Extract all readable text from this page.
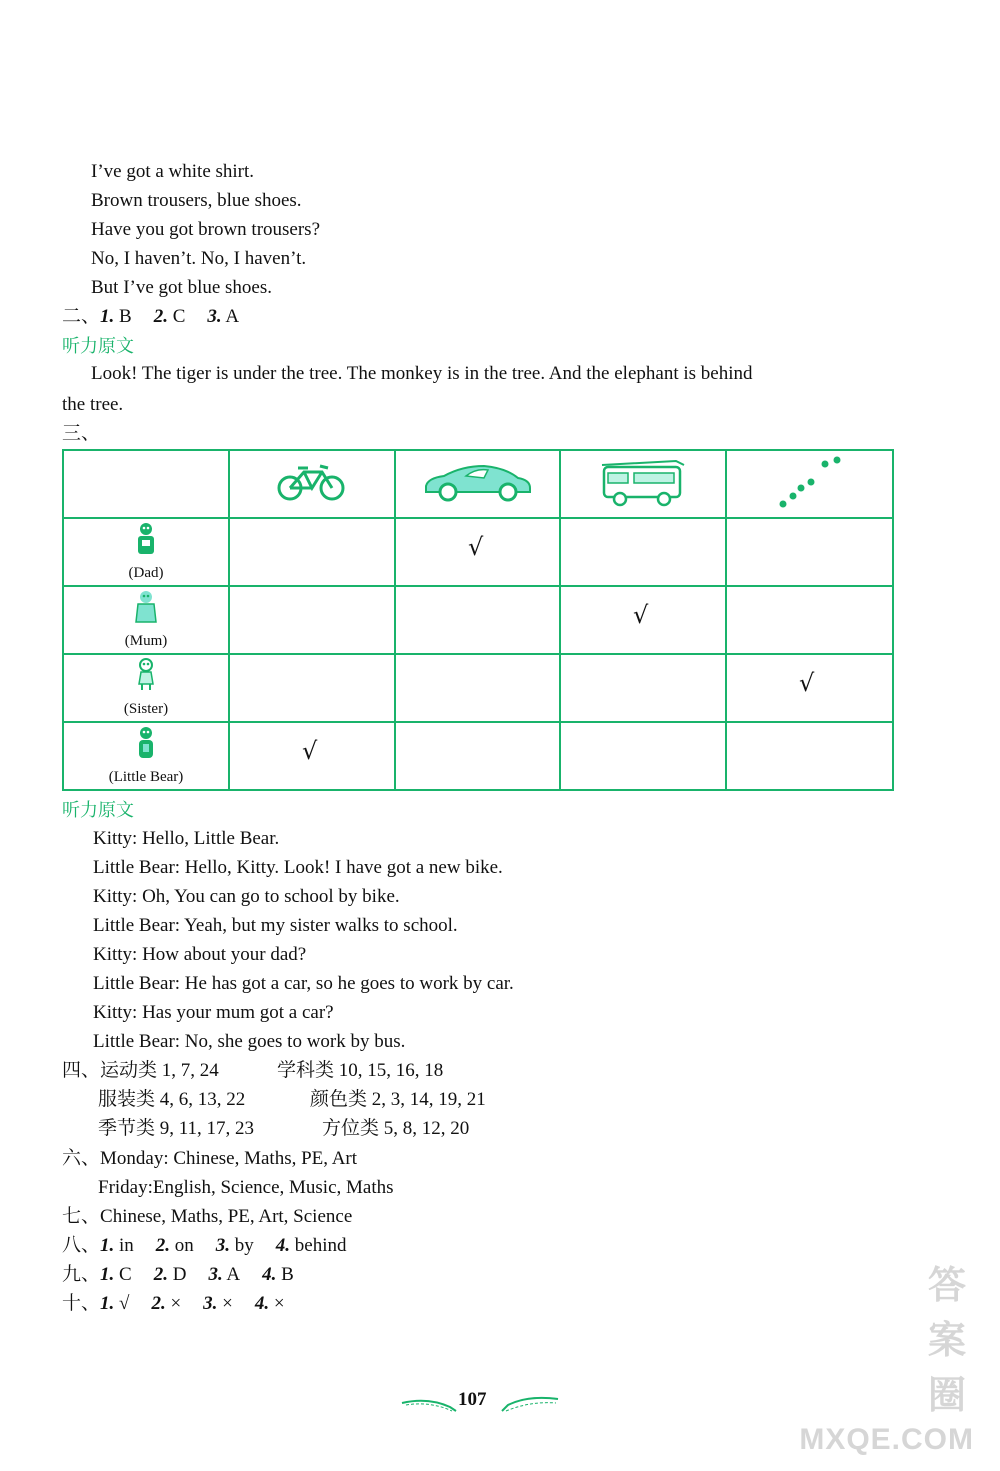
I’ve got a white shirt.
Brown trousers, blue shoes.
Have you got brown trousers?
No, I haven’t. No, I haven’t.
But I’ve got blue shoes.
二、1. B 2. C 3. A
听力原文
Look! The tiger is under the tree. The monkey is in the tree. And the elephant is behind
the tree.
三、

(Dad)		√		

(Mum)			√	

(Sister)				√

(Little Bear)	√			

听力原文
Kitty: Hello, Little Bear.
Little Bear: Hello, Kitty. Look! I have got a new bike.
Kitty: Oh, You can go to school by bike.
Little Bear: Yeah, but my sister walks to school.
Kitty: How about your dad?
Little Bear: He has got a car, so he goes to work by car.
Kitty: Has your mum got a car?
Little Bear: No, she goes to work by bus.
四、 运动类 1, 7, 24	学科类 10, 15, 16, 18
服装类 4, 6, 13, 22	颜色类 2, 3, 14, 19, 21
季节类 9, 11, 17, 23	方位类 5, 8, 12, 20
六、Monday: Chinese, Maths, PE, Art
Friday:English, Science, Music, Maths
七、Chinese, Maths, PE, Art, Science
八、1. in 2. on 3. by 4. behind
九、1. C 2. D 3. A 4. B
十、1. √ 2. × 3. × 4. ×
107
答案圈
MXQE.COM
